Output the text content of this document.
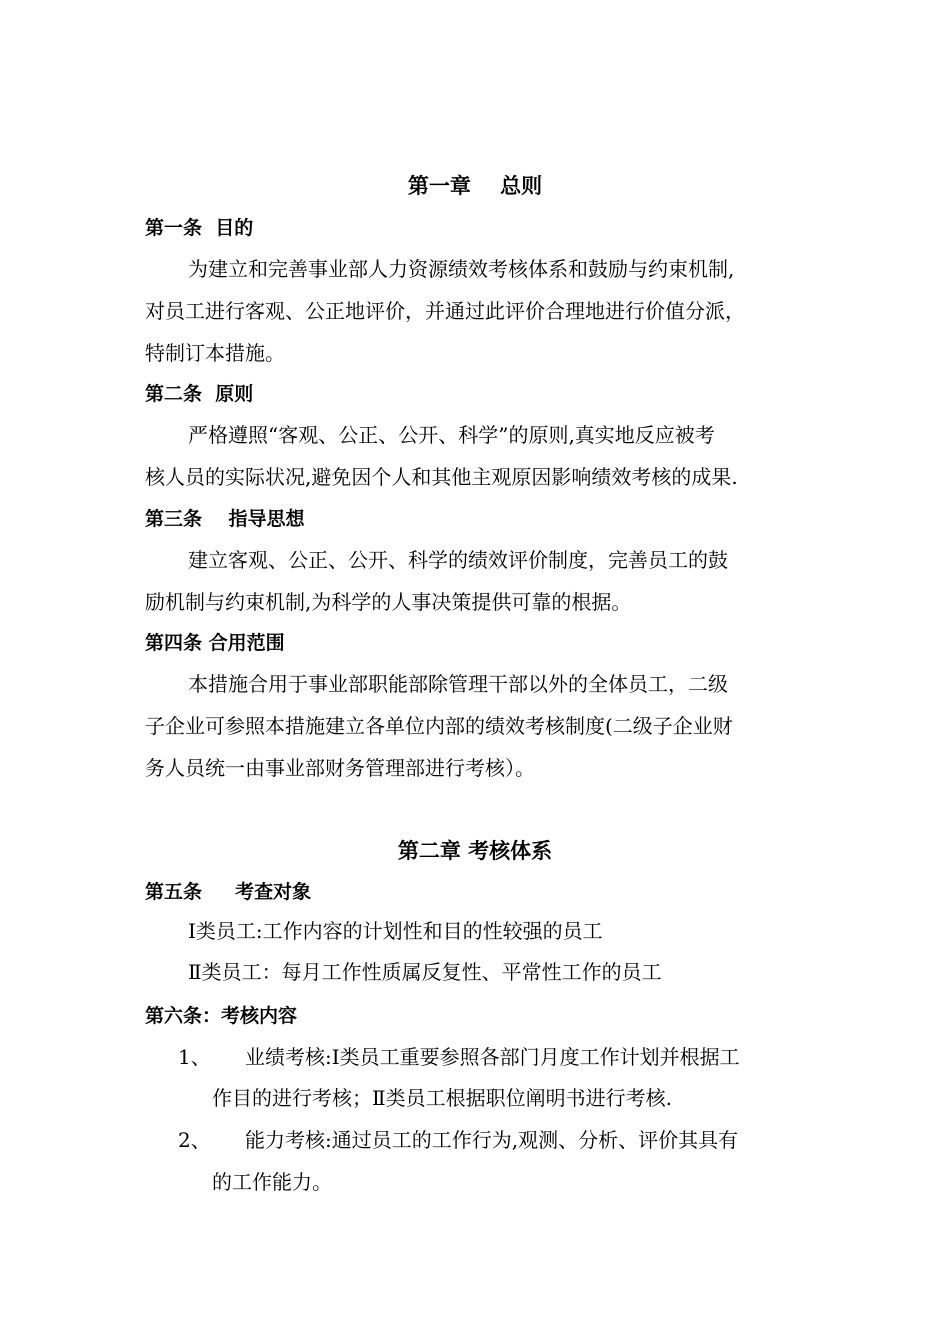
第一章    总则
第一条  目的
为建立和完善事业部人力资源绩效考核体系和鼓励与约束机制,
对员工进行客观、公正地评价，并通过此评价合理地进行价值分派，
特制订本措施。
第二条  原则
严格遵照“客观、公正、公开、科学”的原则,真实地反应被考
核人员的实际状况,避免因个人和其他主观原因影响绩效考核的成果.
第三条    指导思想
建立客观、公正、公开、科学的绩效评价制度，完善员工的鼓
励机制与约束机制,为科学的人事决策提供可靠的根据。
第四条 合用范围
本措施合用于事业部职能部除管理干部以外的全体员工，二级
子企业可参照本措施建立各单位内部的绩效考核制度(二级子企业财
务人员统一由事业部财务管理部进行考核）。
第二章 考核体系
第五条     考查对象
Ⅰ类员工:工作内容的计划性和目的性较强的员工
Ⅱ类员工：每月工作性质属反复性、平常性工作的员工
第六条：考核内容
1、 业绩考核:Ⅰ类员工重要参照各部门月度工作计划并根据工
作目的进行考核；Ⅱ类员工根据职位阐明书进行考核.
2、 能力考核:通过员工的工作行为,观测、分析、评价其具有
的工作能力。
